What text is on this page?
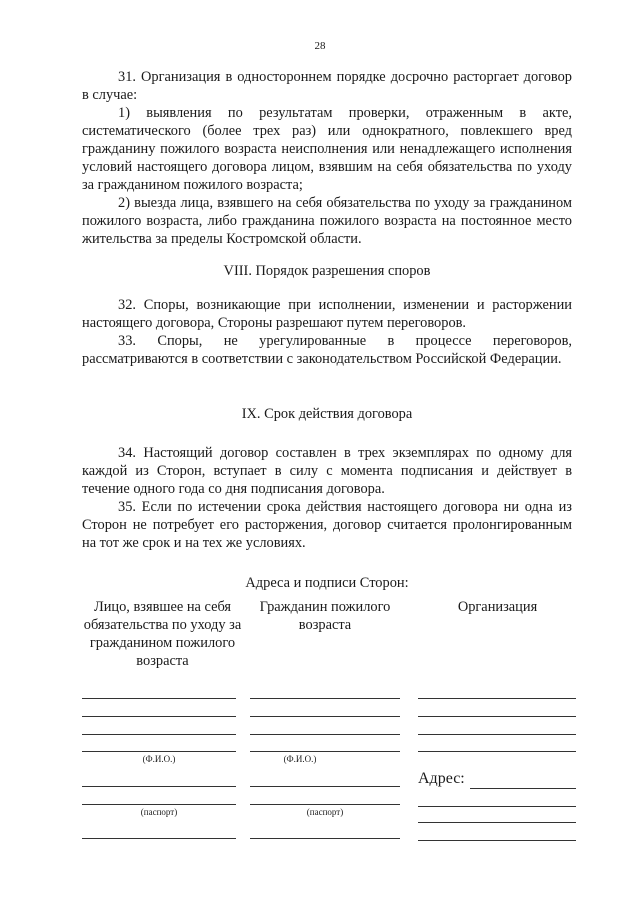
28

31. Организация в одностороннем порядке досрочно расторгает договор в случае:

1) выявления по результатам проверки, отраженным в акте, систематического (более трех раз) или однократного, повлекшего вред гражданину пожилого возраста неисполнения или ненадлежащего исполнения условий настоящего договора лицом, взявшим на себя обязательства по уходу за гражданином пожилого возраста;

2) выезда лица, взявшего на себя обязательства по уходу за гражданином пожилого возраста, либо гражданина пожилого возраста на постоянное место жительства за пределы Костромской области.

VIII. Порядок разрешения споров

32. Споры, возникающие при исполнении, изменении и расторжении настоящего договора, Стороны разрешают путем переговоров.

33. Споры, не урегулированные в процессе переговоров, рассматриваются в соответствии с законодательством Российской Федерации.

IX. Срок действия договора

34. Настоящий договор составлен в трех экземплярах по одному для каждой из Сторон, вступает в силу с момента подписания и действует в течение одного года со дня подписания договора.

35. Если по истечении срока действия настоящего договора ни одна из Сторон не потребует его расторжения, договор считается пролонгированным на тот же срок и на тех же условиях.

Адреса и подписи Сторон:
Лицо, взявшее на себя обязательства по уходу за гражданином пожилого возраста
Гражданин пожилого возраста
Организация
(Ф.И.О.)
(паспорт)
(Ф.И.О.)
(паспорт)
Адрес:
